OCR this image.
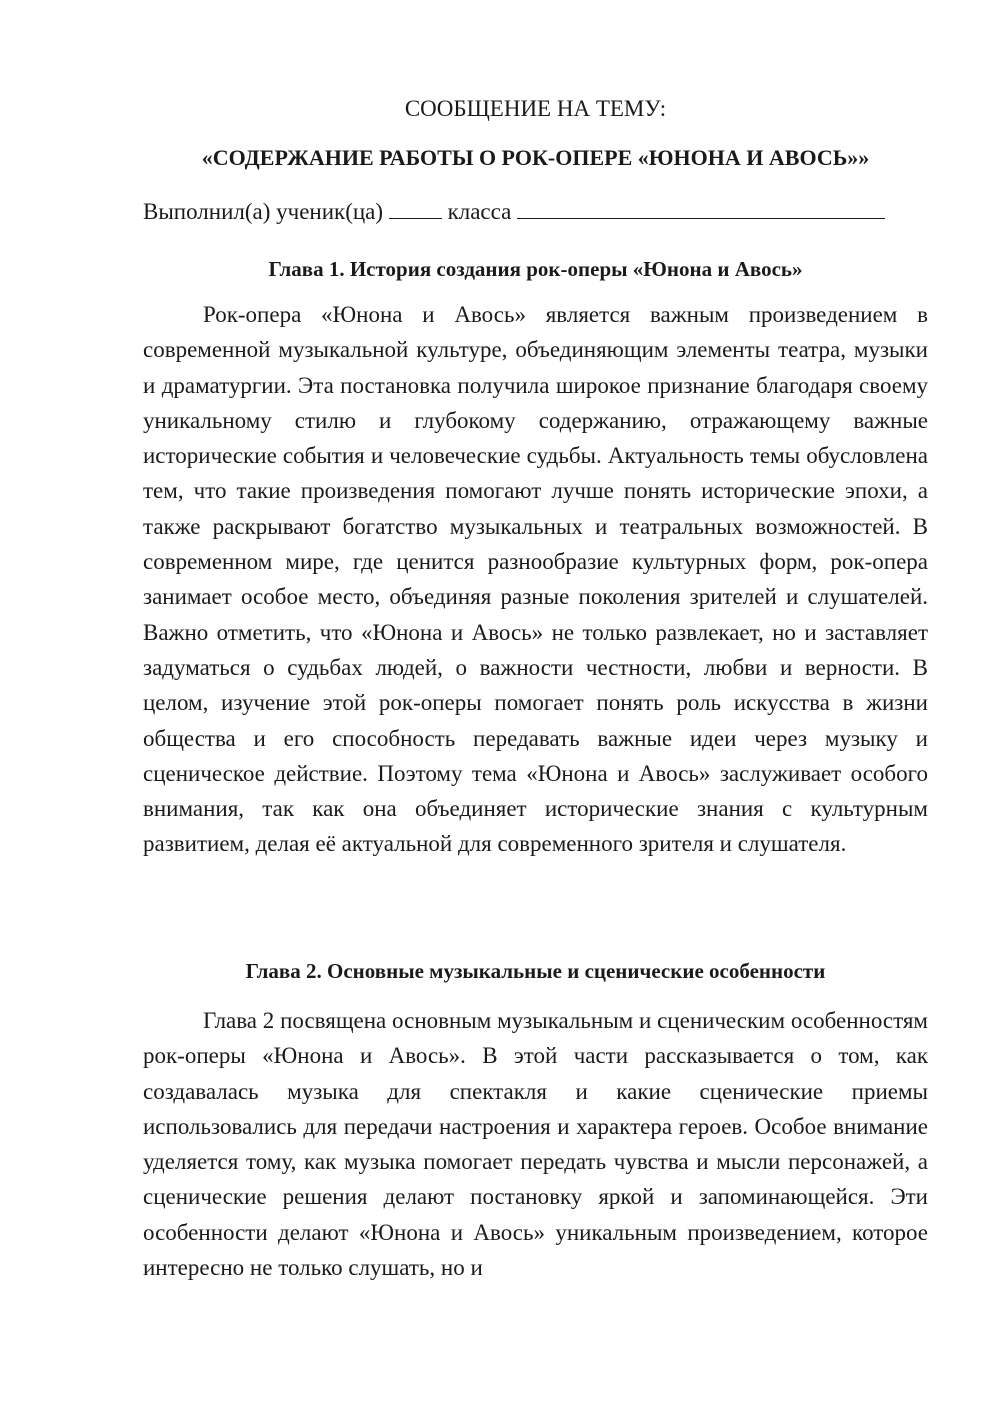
СООБЩЕНИЕ НА ТЕМУ:
«СОДЕРЖАНИЕ РАБОТЫ О РОК-ОПЕРЕ «ЮНОНА И АВОСЬ»»
Выполнил(а) ученик(ца)  класса
Глава 1. История создания рок-оперы «Юнона и Авось»

Рок-опера «Юнона и Авось» является важным произведением в современной музыкальной культуре, объединяющим элементы театра, музыки и драматургии. Эта постановка получила широкое признание благодаря своему уникальному стилю и глубокому содержанию, отражающему важные исторические события и человеческие судьбы. Актуальность темы обусловлена тем, что такие произведения помогают лучше понять исторические эпохи, а также раскрывают богатство музыкальных и театральных возможностей. В современном мире, где ценится разнообразие культурных форм, рок-опера занимает особое место, объединяя разные поколения зрителей и слушателей. Важно отметить, что «Юнона и Авось» не только развлекает, но и заставляет задуматься о судьбах людей, о важности честности, любви и верности. В целом, изучение этой рок-оперы помогает понять роль искусства в жизни общества и его способность передавать важные идеи через музыку и сценическое действие. Поэтому тема «Юнона и Авось» заслуживает особого внимания, так как она объединяет исторические знания с культурным развитием, делая её актуальной для современного зрителя и слушателя.

Глава 2. Основные музыкальные и сценические особенности

Глава 2 посвящена основным музыкальным и сценическим особенностям рок-оперы «Юнона и Авось». В этой части рассказывается о том, как создавалась музыка для спектакля и какие сценические приемы использовались для передачи настроения и характера героев. Особое внимание уделяется тому, как музыка помогает передать чувства и мысли персонажей, а сценические решения делают постановку яркой и запоминающейся. Эти особенности делают «Юнона и Авось» уникальным произведением, которое интересно не только слушать, но и
